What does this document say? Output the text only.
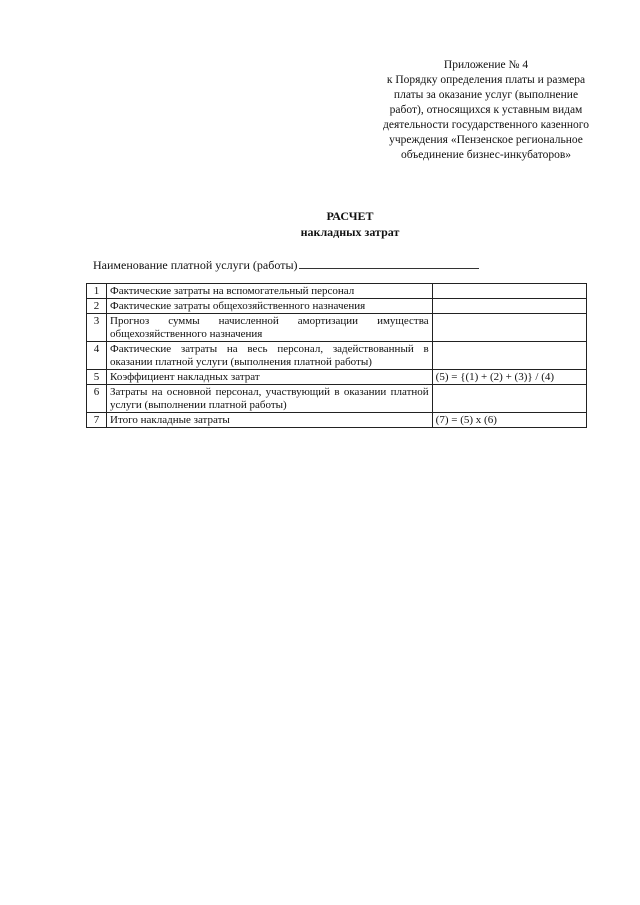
Приложение № 4
к Порядку определения платы и размера
платы за оказание услуг (выполнение
работ), относящихся к уставным видам
деятельности государственного казенного
учреждения «Пензенское региональное
объединение бизнес-инкубаторов»
РАСЧЕТ
накладных затрат
Наименование платной услуги (работы)
1	Фактические затраты на вспомогательный персонал	
2	Фактические затраты общехозяйственного назначения	
3	Прогноз суммы начисленной амортизации имущества общехозяйственного назначения	
4	Фактические затраты на весь персонал, задействованный в оказании платной услуги (выполнения платной работы)	
5	Коэффициент накладных затрат	(5) = {(1) + (2) + (3)} / (4)
6	Затраты на основной персонал, участвующий в оказании платной услуги (выполнении платной работы)	
7	Итого накладные затраты	(7) = (5) х (6)
